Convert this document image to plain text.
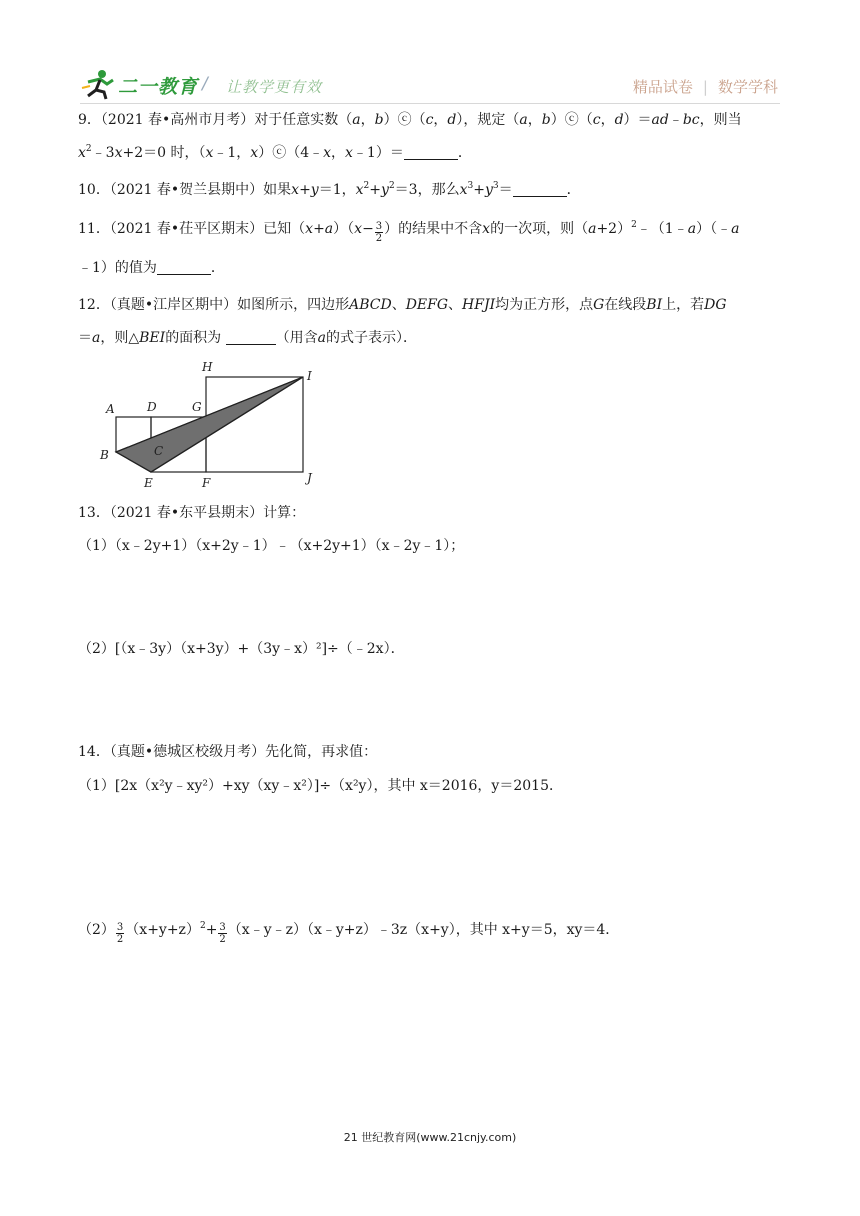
二一教育 / 让教学更有效	精品试卷 | 数学学科
9．（2021 春•高州市月考）对于任意实数（a，b）ⓒ（c，d），规定（a，b）ⓒ（c，d）＝ad﹣bc，则当
$x^2﹣3x+2=0$ 时，（x﹣1，x）ⓒ（4﹣x，x﹣1）＝	．
10．（2021 春•贺兰县期中）如果x+y＝1，$x^2+y^2=3$，那么$x^3+y^3=$	．
11．（2021 春•茌平区期末）已知$(x+a)(x- \frac{3}{2}$ ）的结果中不含x的一次项，则$(a+2)^2﹣(1﹣a)(﹣a$
﹣1）的值为	．
12．（真题•江岸区期中）如图所示，四边形ABCD、DEFG、HFJI均为正方形，点G在线段BI上，若DG
＝a，则△BEI的面积为	（用含a的式子表示）．
H
I
A	D	G
B	C
E	F	J
13．（2021 春•东平县期末）计算：
（1）（x﹣2y+1）（x+2y﹣1）﹣（x+2y+1）（x﹣2y﹣1）；
（2）[（x﹣3y）（x+3y）+（3y﹣x）²]÷（﹣2x）．
14．（真题•德城区校级月考）先化简，再求值：
（1）[2x（x²y﹣xy²）+xy（xy﹣x²）]÷（x²y），其中 x＝2016，y＝2015．
$(2) \frac{3}{2} (x+y+z)^2+ \frac{3}{2}$ （x﹣y﹣z）（x﹣y+z）﹣3z（x+y），其中 x+y＝5，xy＝4．
21 世纪教育网(www.21cnjy.com)
